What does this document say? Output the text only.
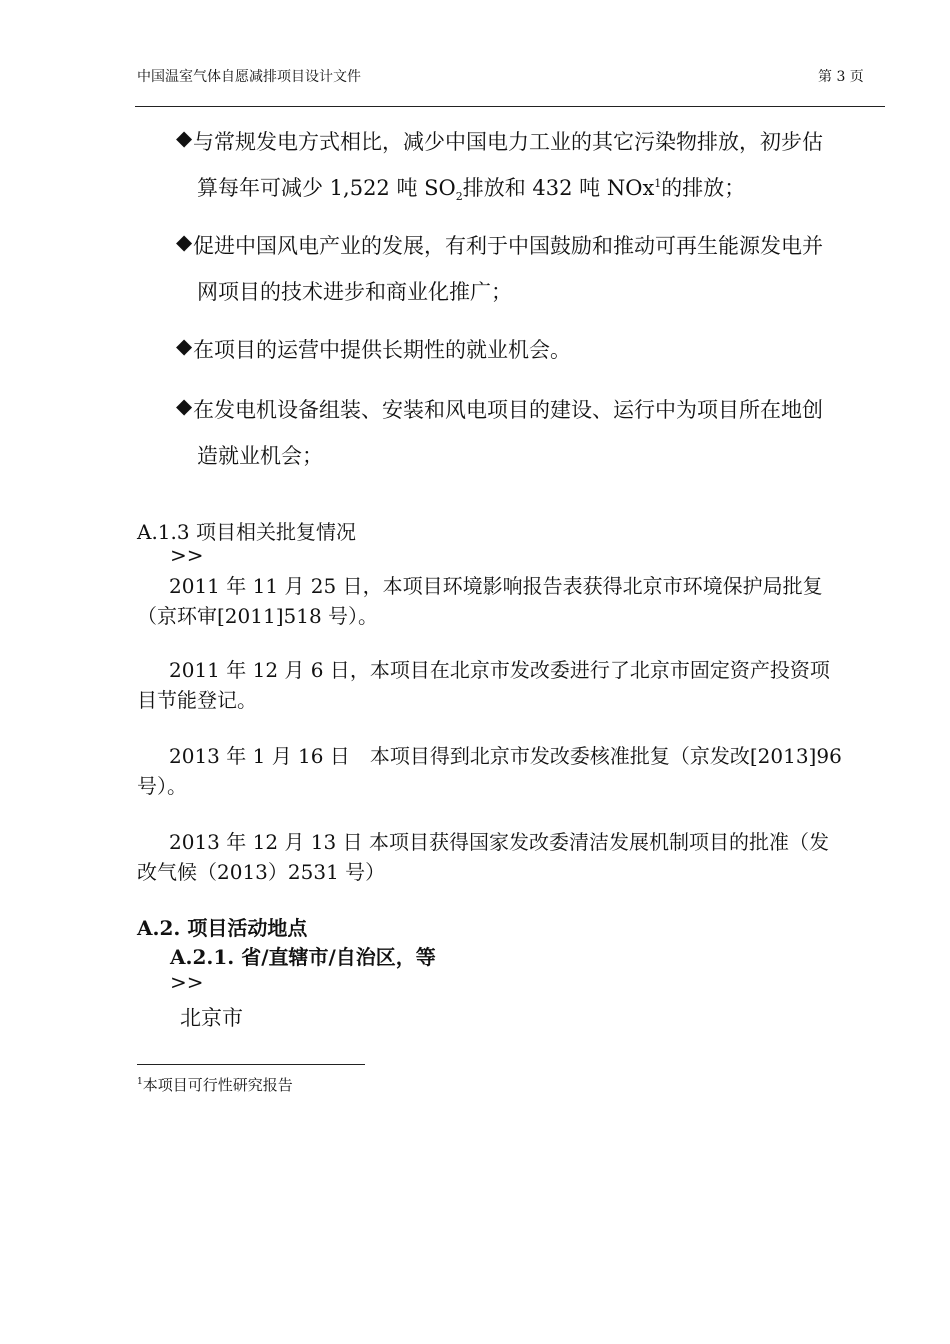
中国温室气体自愿减排项目设计文件	第 3 页
◆ 与常规发电方式相比，减少中国电力工业的其它污染物排放，初步估
算每年可减少 1,522 吨 $SO_2$排放和 432 吨 NOx$^1$的排放；
◆ 促进中国风电产业的发展，有利于中国鼓励和推动可再生能源发电并
网项目的技术进步和商业化推广；
◆ 在项目的运营中提供长期性的就业机会。
◆ 在发电机设备组装、安装和风电项目的建设、运行中为项目所在地创
造就业机会；
A.1.3 项目相关批复情况
>>
2011 年 11 月 25 日，本项目环境影响报告表获得北京市环境保护局批复
（京环审[2011]518 号）。
2011 年 12 月 6 日，本项目在北京市发改委进行了北京市固定资产投资项
目节能登记。
2013 年 1 月 16 日　本项目得到北京市发改委核准批复（京发改[2013]96
号）。
2013 年 12 月 13 日 本项目获得国家发改委清洁发展机制项目的批准（发
改气候（2013）2531 号）
A.2. 项目活动地点
A.2.1. 省/直辖市/自治区，等
>>
北京市
$^1$本项目可行性研究报告
